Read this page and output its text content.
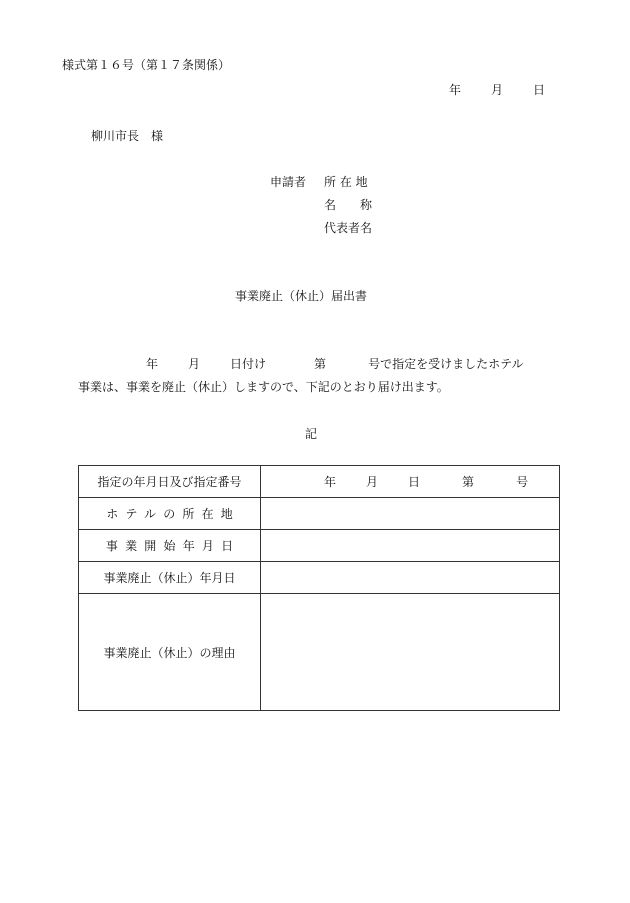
様式第１６号（第１７条関係）
年	月	日
柳川市長　様
申請者 所 在 地
名　　称
代表者名
事業廃止（休止）届出書
年	月	日付け	第	号で指定を受けましたホテル
事業は、事業を廃止（休止）しますので、下記のとおり届け出ます。
記
指定の年月日及び指定番号	年 月 日 第 号
ホテルの所在地	
事業開始年月日	
事業廃止（休止）年月日	
事業廃止（休止）の理由	
